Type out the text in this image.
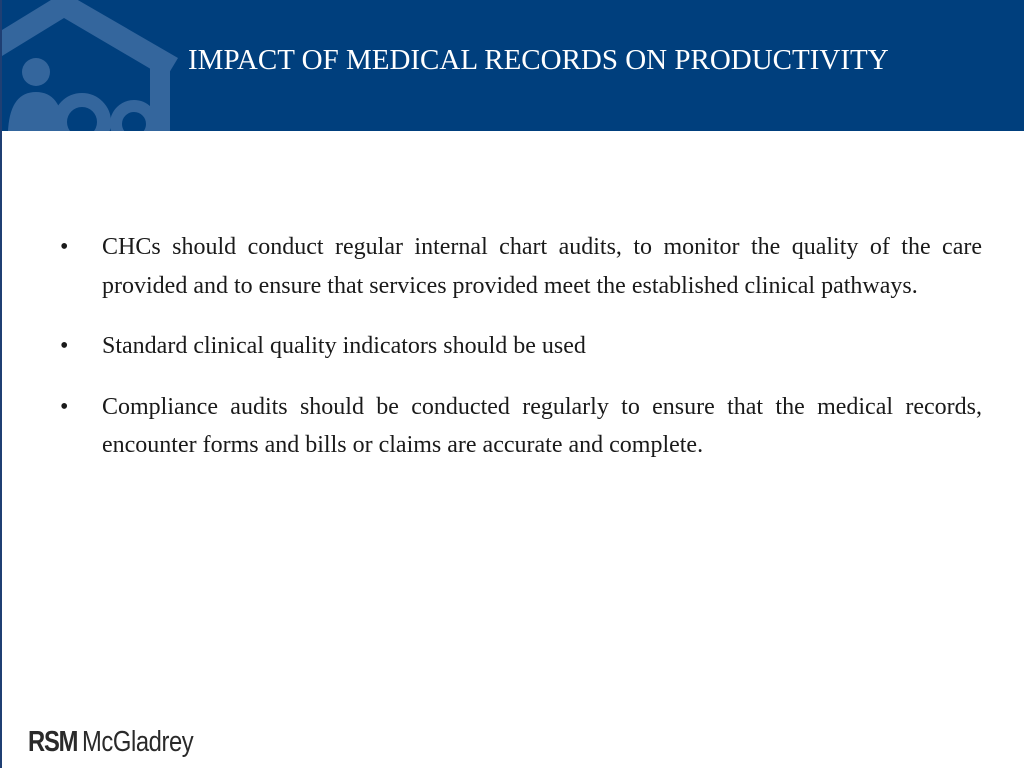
IMPACT OF MEDICAL RECORDS ON PRODUCTIVITY
• CHCs should conduct regular internal chart audits, to monitor the quality of the care provided and to ensure that services provided meet the established clinical pathways.
• Standard clinical quality indicators should be used
• Compliance audits should be conducted regularly to ensure that the medical records, encounter forms and bills or claims are accurate and complete.
RSM McGladrey
